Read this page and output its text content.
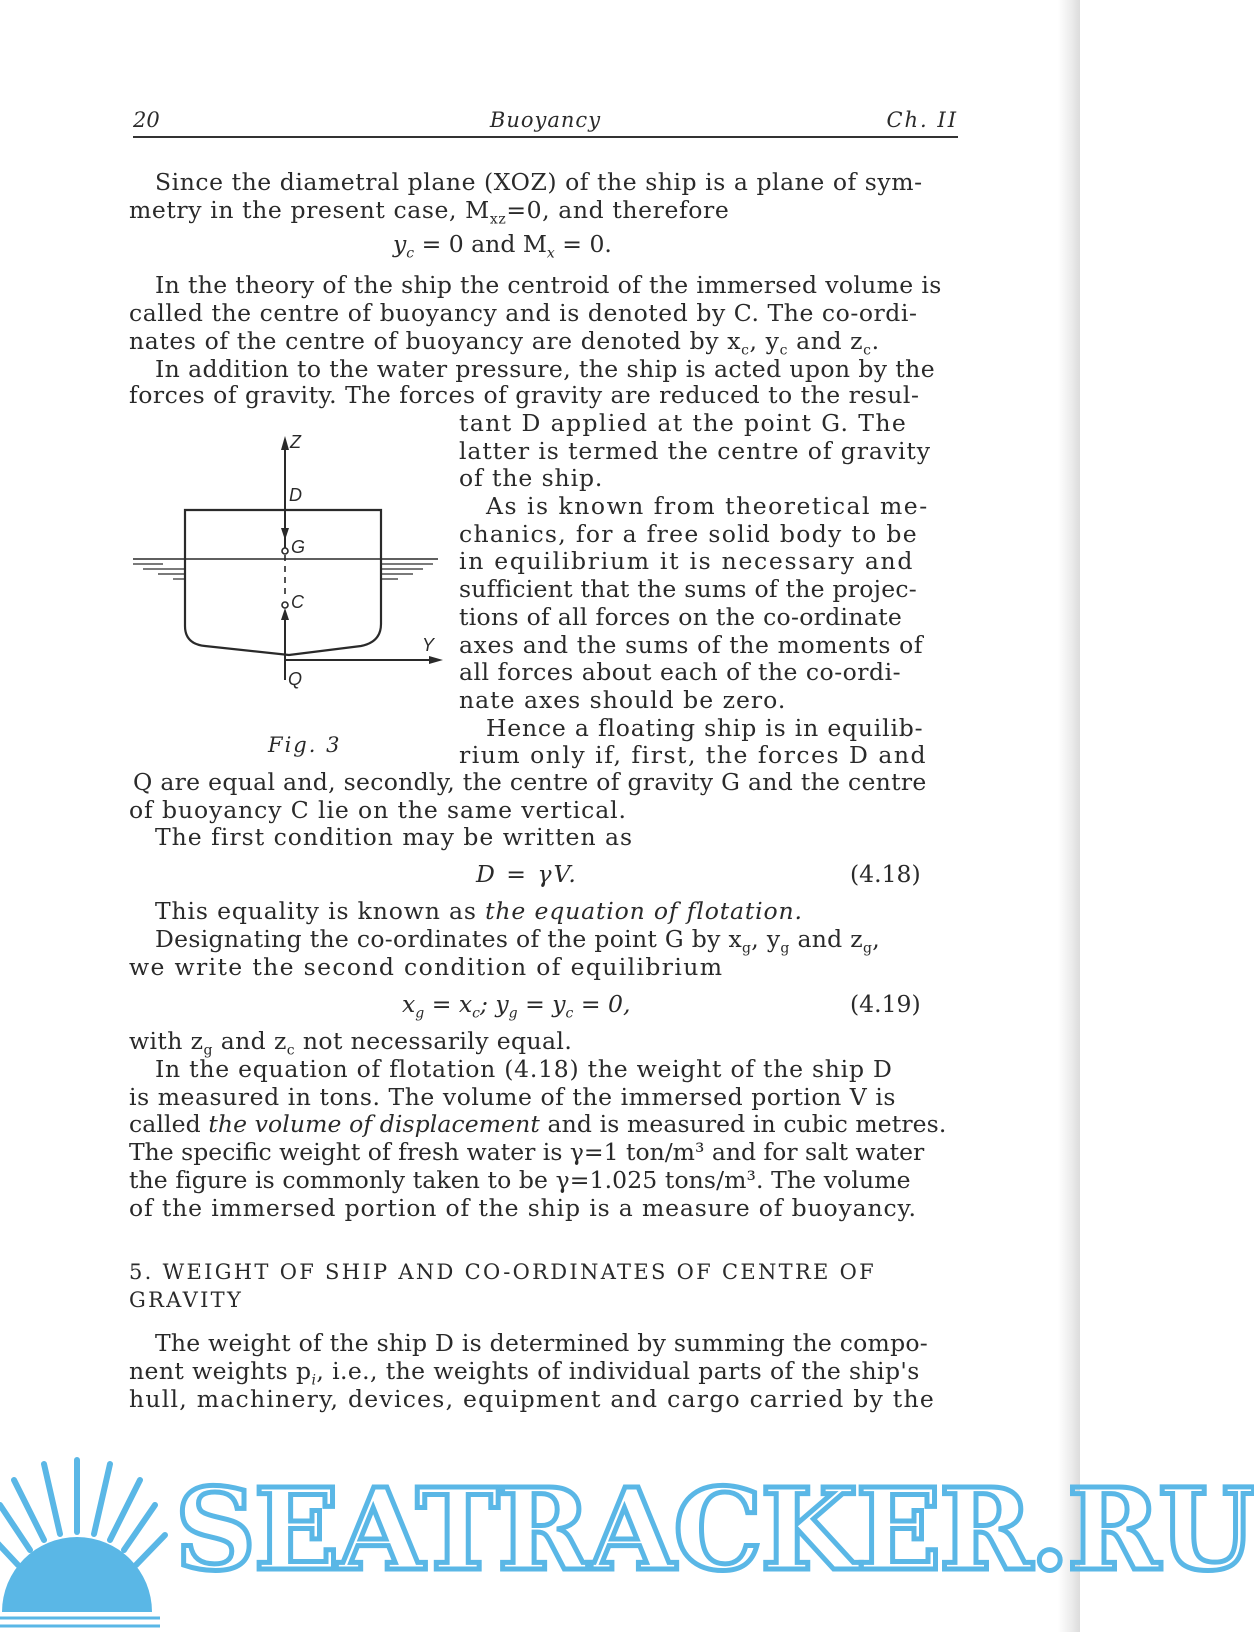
20	Buoyancy	Ch. II
Since the diametral plane (XOZ) of the ship is a plane of sym-
metry in the present case, $M_{xz}=0$, and therefore
$y_c = 0$ and $M_x = 0$.
In the theory of the ship the centroid of the immersed volume is
called the centre of buoyancy and is denoted by C. The co-ordi-
nates of the centre of buoyancy are denoted by $x_c$, $y_c$ and $z_c$.
In addition to the water pressure, the ship is acted upon by the
forces of gravity. The forces of gravity are reduced to the resul-
tant D applied at the point G. The
latter is termed the centre of gravity
of the ship.
As is known from theoretical me-
chanics, for a free solid body to be
in equilibrium it is necessary and
sufficient that the sums of the projec-
tions of all forces on the co-ordinate
axes and the sums of the moments of
all forces about each of the co-ordi-
nate axes should be zero.
Hence a floating ship is in equilib-
rium only if, first, the forces D and
Q are equal and, secondly, the centre of gravity G and the centre
of buoyancy C lie on the same vertical.
The first condition may be written as
D = γV.	(4.18)
This equality is known as the equation of flotation.
Designating the co-ordinates of the point G by $x_g$, $y_g$ and $z_g$,
we write the second condition of equilibrium
$x_g = x_c$; $y_g = y_c = 0$,	(4.19)
with $z_g$ and $z_c$ not necessarily equal.
In the equation of flotation (4.18) the weight of the ship D
is measured in tons. The volume of the immersed portion V is
called the volume of displacement and is measured in cubic metres.
The specific weight of fresh water is γ=1 ton/m³ and for salt water
the figure is commonly taken to be γ=1.025 tons/m³. The volume
of the immersed portion of the ship is a measure of buoyancy.
5. WEIGHT OF SHIP AND CO-ORDINATES OF CENTRE OF
GRAVITY
The weight of the ship D is determined by summing the compo-
nent weights $p_i$, i.e., the weights of individual parts of the ship's
hull, machinery, devices, equipment and cargo carried by the
Z
D
G
C
Y
Q
Fig. 3
SEATRACKER.RU
